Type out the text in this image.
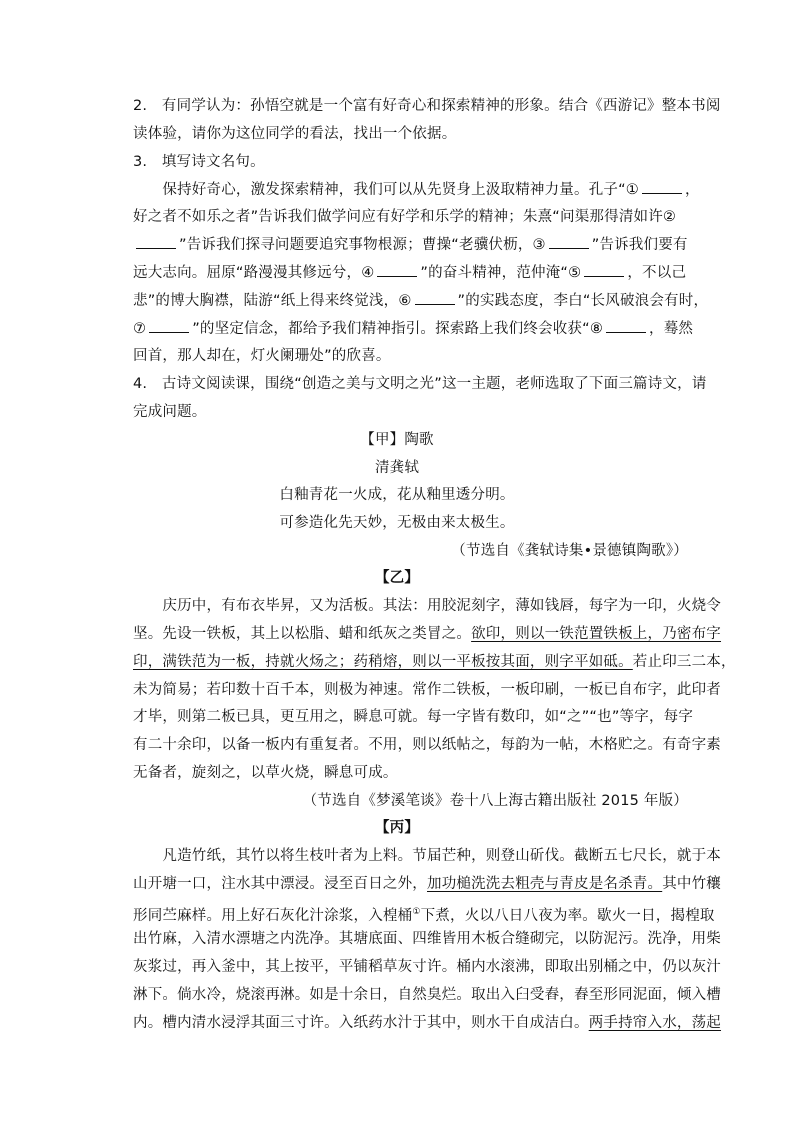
2.　有同学认为：孙悟空就是一个富有好奇心和探索精神的形象。结合《西游记》整本书阅
读体验，请你为这位同学的看法，找出一个依据。
3.　填写诗文名句。
　　保持好奇心，激发探索精神，我们可以从先贤身上汲取精神力量。孔子“①	，
好之者不如乐之者”告诉我们做学问应有好学和乐学的精神；朱熹“问渠那得清如许②
”告诉我们探寻问题要追究事物根源；曹操“老骥伏枥，③	”告诉我们要有
远大志向。屈原“路漫漫其修远兮，④	”的奋斗精神，范仲淹“⑤	，不以己
悲”的博大胸襟，陆游“纸上得来终觉浅，⑥	”的实践态度，李白“长风破浪会有时，
⑦	”的坚定信念，都给予我们精神指引。探索路上我们终会收获“⑧	，蓦然
回首，那人却在，灯火阑珊处”的欣喜。
4.　古诗文阅读课，围绕“创造之美与文明之光”这一主题，老师选取了下面三篇诗文，请
完成问题。
【甲】陶歌
清龚轼
白釉青花一火成，花从釉里透分明。
可参造化先天妙，无极由来太极生。
（节选自《龚轼诗集•景德镇陶歌》）
【乙】
　　庆历中，有布衣毕昇，又为活板。其法：用胶泥刻字，薄如钱唇，每字为一印，火烧令
坚。先设一铁板，其上以松脂、蜡和纸灰之类冒之。欲印，则以一铁范置铁板上，乃密布字
印，满铁范为一板，持就火炀之；药稍熔，则以一平板按其面，则字平如砥。若止印三二本，
未为简易；若印数十百千本，则极为神速。常作二铁板，一板印刷，一板已自布字，此印者
才毕，则第二板已具，更互用之，瞬息可就。每一字皆有数印，如“之”“也”等字，每字
有二十余印，以备一板内有重复者。不用，则以纸帖之，每韵为一帖，木格贮之。有奇字素
无备者，旋刻之，以草火烧，瞬息可成。
（节选自《梦溪笔谈》卷十八上海古籍出版社 2015 年版）
【丙】
　　凡造竹纸，其竹以将生枝叶者为上料。节届芒种，则登山斫伐。截断五七尺长，就于本
山开塘一口，注水其中漂浸。浸至百日之外，加功槌洗洗去粗壳与青皮是名杀青。其中竹穰
形同苎麻样。用上好石灰化汁涂浆，入楻桶①下煮，火以八日八夜为率。歇火一日，揭楻取
出竹麻，入清水漂塘之内洗净。其塘底面、四维皆用木板合缝砌完，以防泥污。洗净，用柴
灰浆过，再入釜中，其上按平，平铺稻草灰寸许。桶内水滚沸，即取出别桶之中，仍以灰汁
淋下。倘水冷，烧滚再淋。如是十余日，自然臭烂。取出入臼受舂，舂至形同泥面，倾入槽
内。槽内清水浸浮其面三寸许。入纸药水汁于其中，则水干自成洁白。两手持帘入水，荡起
